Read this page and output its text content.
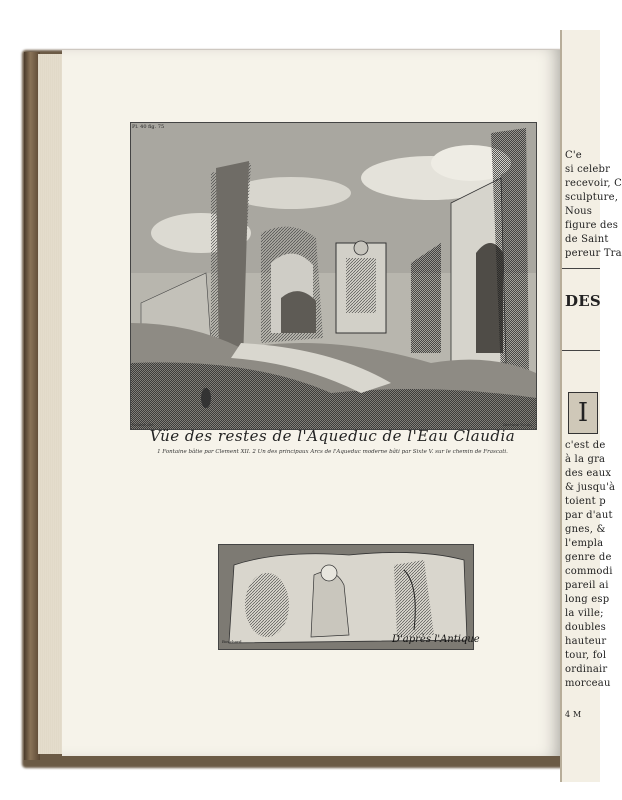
Pl. 40 fig. 75
Robert del.	Bertaux Sculp.
Vüe des restes de l'Aqueduc de l'Eau Claudia
1 Fontaine bâtie par Clement XII. 2 Un des principaux Arcs de l'Aqueduc moderne bâti par Sixte V. sur le chemin de Frascati.
Bouchard	D'après l'Antique
C'e
si celebr
recevoir, C
sculpture,
Nous
figure des
de Saint
pereur Tra
DES
I
c'est de
à la gra
des eaux
& jusqu'à
toient p
par d'aut
gnes, &
l'empla
genre de
commodi
pareil ai
long esp
la ville;
doubles
hauteur
tour, fol
ordinair
morceau
4 M
